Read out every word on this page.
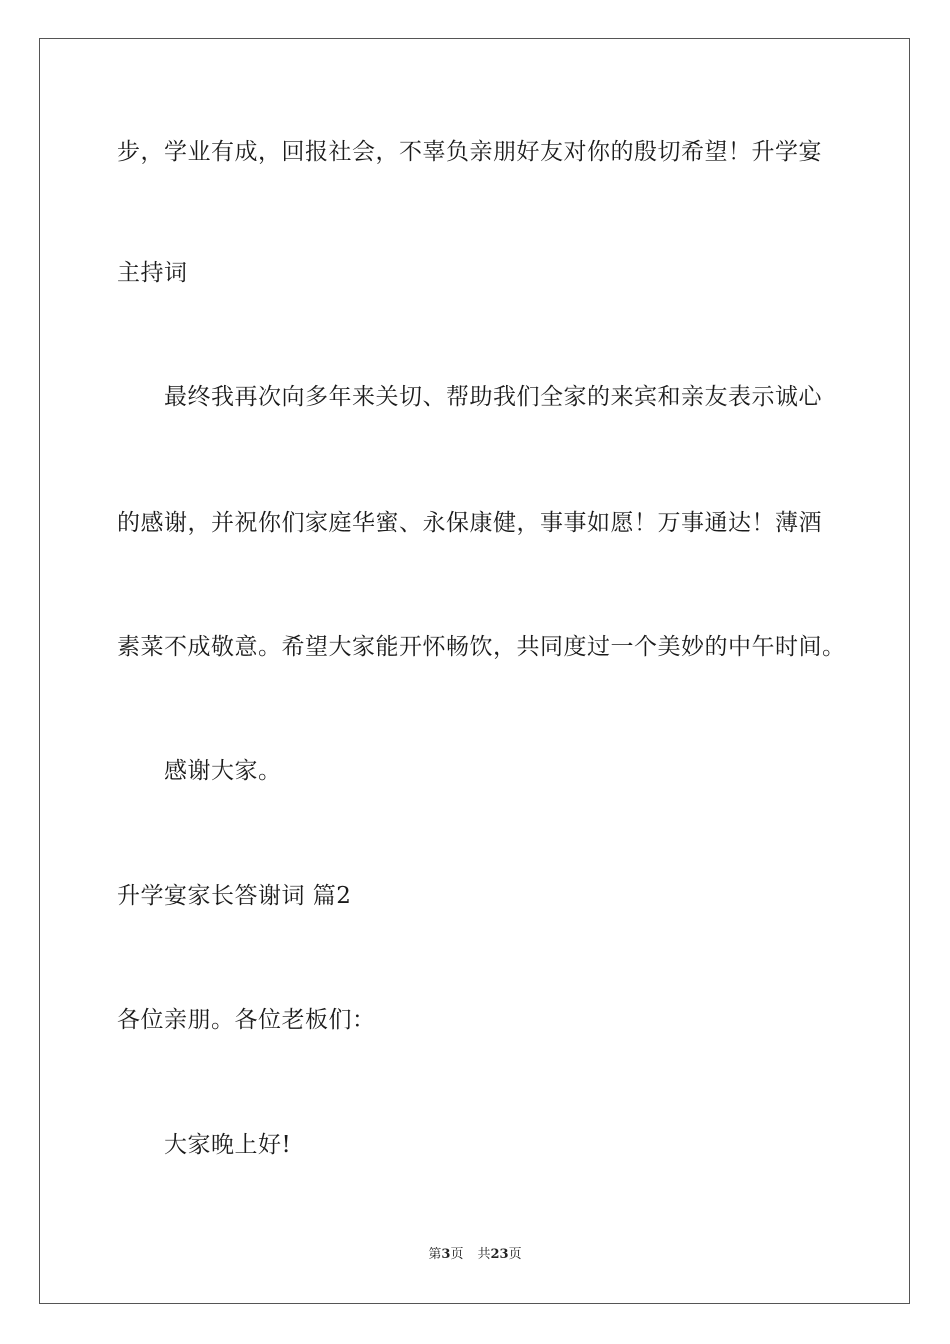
步，学业有成，回报社会，不辜负亲朋好友对你的殷切希望！升学宴
主持词
最终我再次向多年来关切、帮助我们全家的来宾和亲友表示诚心
的感谢，并祝你们家庭华蜜、永保康健，事事如愿！万事通达！薄酒
素菜不成敬意。希望大家能开怀畅饮，共同度过一个美妙的中午时间。
感谢大家。
升学宴家长答谢词 篇2
各位亲朋。各位老板们：
大家晚上好!
第3页 共23页
